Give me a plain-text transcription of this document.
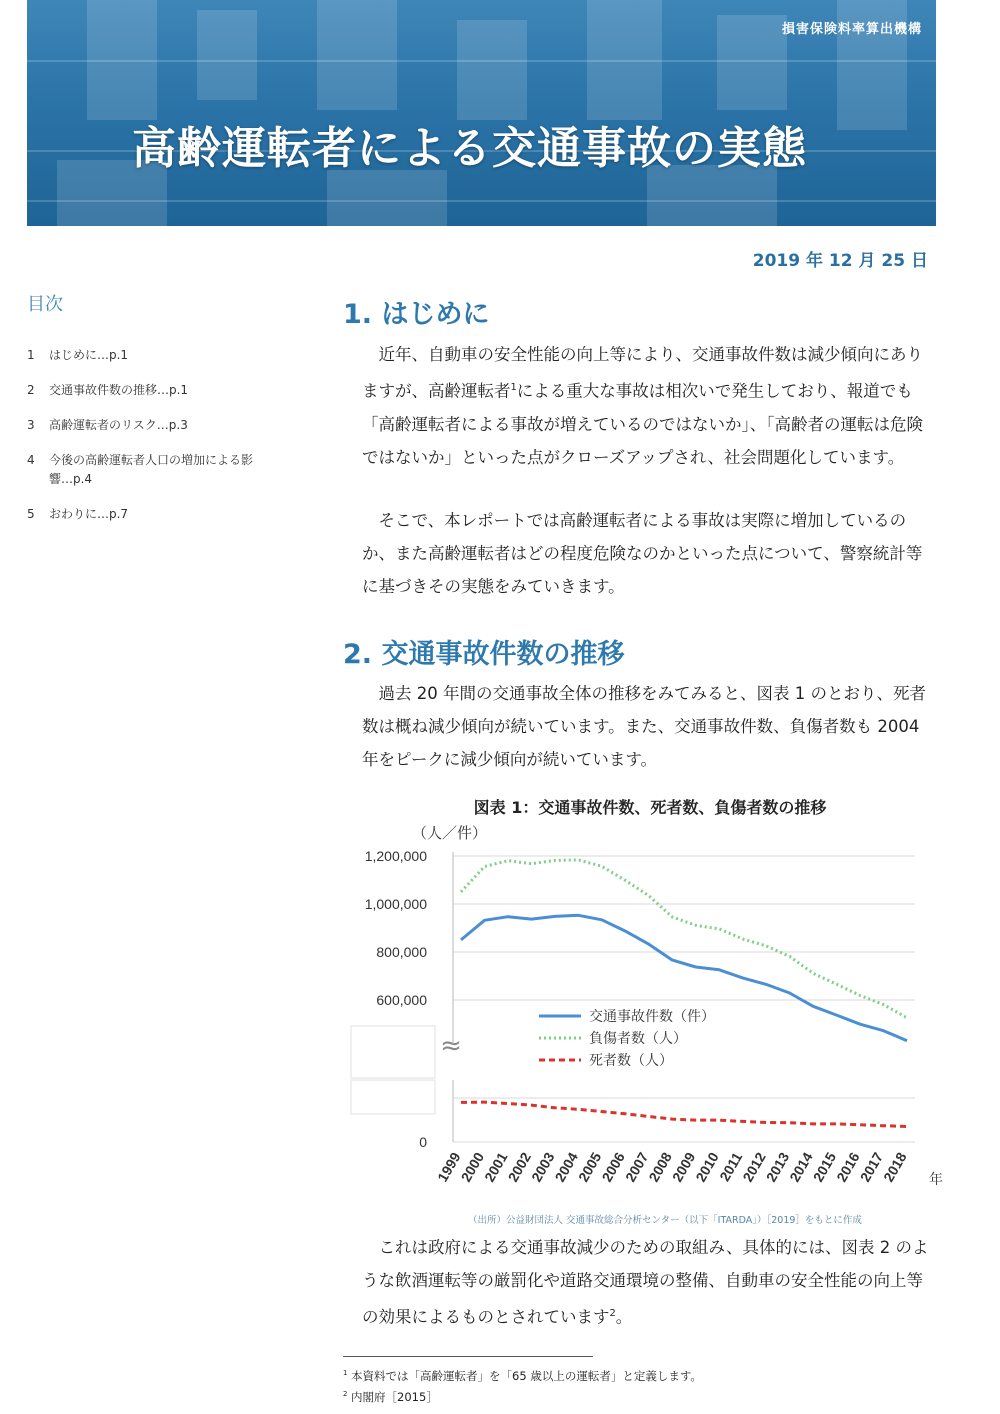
損害保険料率算出機構
高齢運転者による交通事故の実態
2019 年 12 月 25 日
目次
1	はじめに…p.1
2	交通事故件数の推移…p.1
3	高齢運転者のリスク…p.3
4	今後の高齢運転者人口の増加による影響…p.4
5	おわりに…p.7
1. はじめに

近年、自動車の安全性能の向上等により、交通事故件数は減少傾向にありますが、高齢運転者$^1$による重大な事故は相次いで発生しており、報道でも「高齢運転者による事故が増えているのではないか」、「高齢者の運転は危険ではないか」といった点がクローズアップされ、社会問題化しています。

そこで、本レポートでは高齢運転者による事故は実際に増加しているのか、また高齢運転者はどの程度危険なのかといった点について、警察統計等に基づきその実態をみていきます。

2. 交通事故件数の推移

過去 20 年間の交通事故全体の推移をみてみると、図表 1 のとおり、死者数は概ね減少傾向が続いています。また、交通事故件数、負傷者数も 2004 年をピークに減少傾向が続いています。

図表 1：交通事故件数、死者数、負傷者数の推移
（人／件）
1,200,000
1,000,000
800,000
600,000
0
≈
交通事故件数（件）
負傷者数（人）
死者数（人）
1999
2000
2001
2002
2003
2004
2005
2006
2007
2008
2009
2010
2011
2012
2013
2014
2015
2016
2017
2018 年
（出所）公益財団法人 交通事故総合分析センター（以下「ITARDA」）［2019］をもとに作成

これは政府による交通事故減少のための取組み、具体的には、図表 2 のような飲酒運転等の厳罰化や道路交通環境の整備、自動車の安全性能の向上等の効果によるものとされています$^2$。

$^1$ 本資料では「高齢運転者」を「65 歳以上の運転者」と定義します。
$^2$ 内閣府［2015］
